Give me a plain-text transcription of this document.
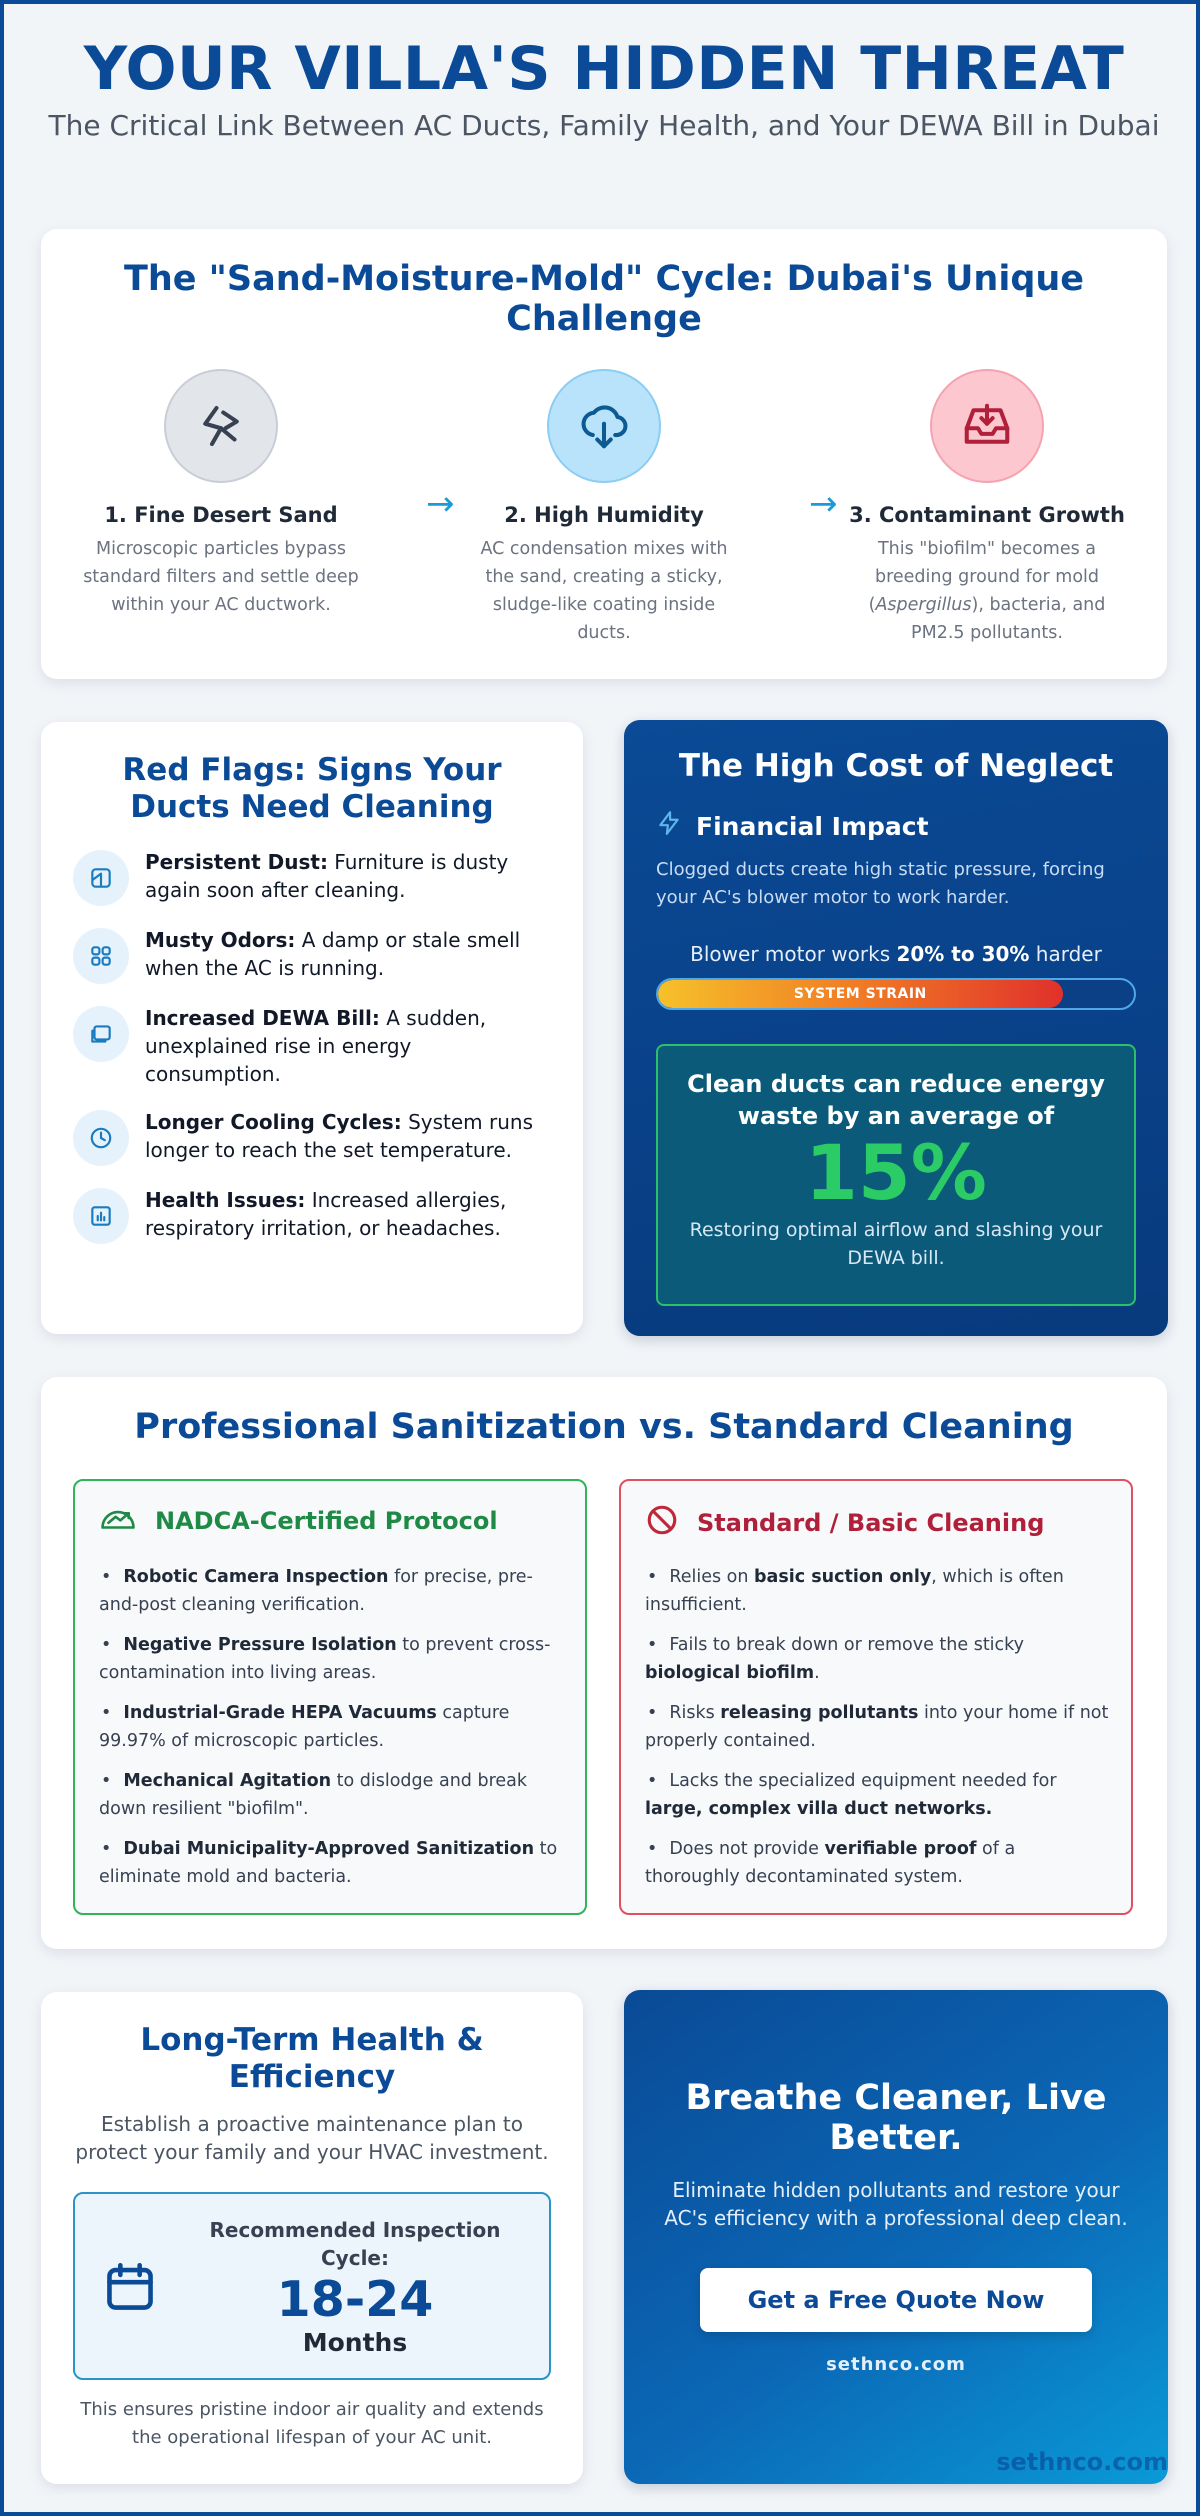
YOUR VILLA'S HIDDEN THREAT

The Critical Link Between AC Ducts, Family Health, and Your DEWA Bill in Dubai

The "Sand-Moisture-Mold" Cycle: Dubai's Unique Challenge
1. Fine Desert Sand

Microscopic particles bypass standard filters and settle deep within your AC ductwork.

→	2. High Humidity

AC condensation mixes with the sand, creating a sticky, sludge-like coating inside ducts.

→ 3. Contaminant Growth

This "biofilm" becomes a breeding ground for mold (Aspergillus), bacteria, and PM2.5 pollutants.

Red Flags: Signs Your Ducts Need Cleaning
Persistent Dust: Furniture is dusty again soon after cleaning.
Musty Odors: A damp or stale smell when the AC is running.
Increased DEWA Bill: A sudden, unexplained rise in energy consumption.
Longer Cooling Cycles: System runs longer to reach the set temperature.
Health Issues: Increased allergies, respiratory irritation, or headaches.
The High Cost of Neglect
Financial Impact

Clogged ducts create high static pressure, forcing your AC's blower motor to work harder.

Blower motor works 20% to 30% harder
SYSTEM STRAIN
Clean ducts can reduce energy waste by an average of
15%
Restoring optimal airflow and slashing your DEWA bill.
Professional Sanitization vs. Standard Cleaning
NADCA-Certified Protocol
• Robotic Camera Inspection for precise, pre-and-post cleaning verification.
• Negative Pressure Isolation to prevent cross-contamination into living areas.
• Industrial-Grade HEPA Vacuums capture 99.97% of microscopic particles.
• Mechanical Agitation to dislodge and break down resilient "biofilm".
• Dubai Municipality-Approved Sanitization to eliminate mold and bacteria.
Standard / Basic Cleaning
• Relies on basic suction only, which is often insufficient.
• Fails to break down or remove the sticky biological biofilm.
• Risks releasing pollutants into your home if not properly contained.
• Lacks the specialized equipment needed for large, complex villa duct networks.
• Does not provide verifiable proof of a thoroughly decontaminated system.
Long-Term Health & Efficiency

Establish a proactive maintenance plan to protect your family and your HVAC investment.

Recommended Inspection Cycle:
18-24
Months

This ensures pristine indoor air quality and extends the operational lifespan of your AC unit.

Breathe Cleaner, Live Better.

Eliminate hidden pollutants and restore your AC's efficiency with a professional deep clean.

Get a Free Quote Now
sethnco.com
sethnco.com
